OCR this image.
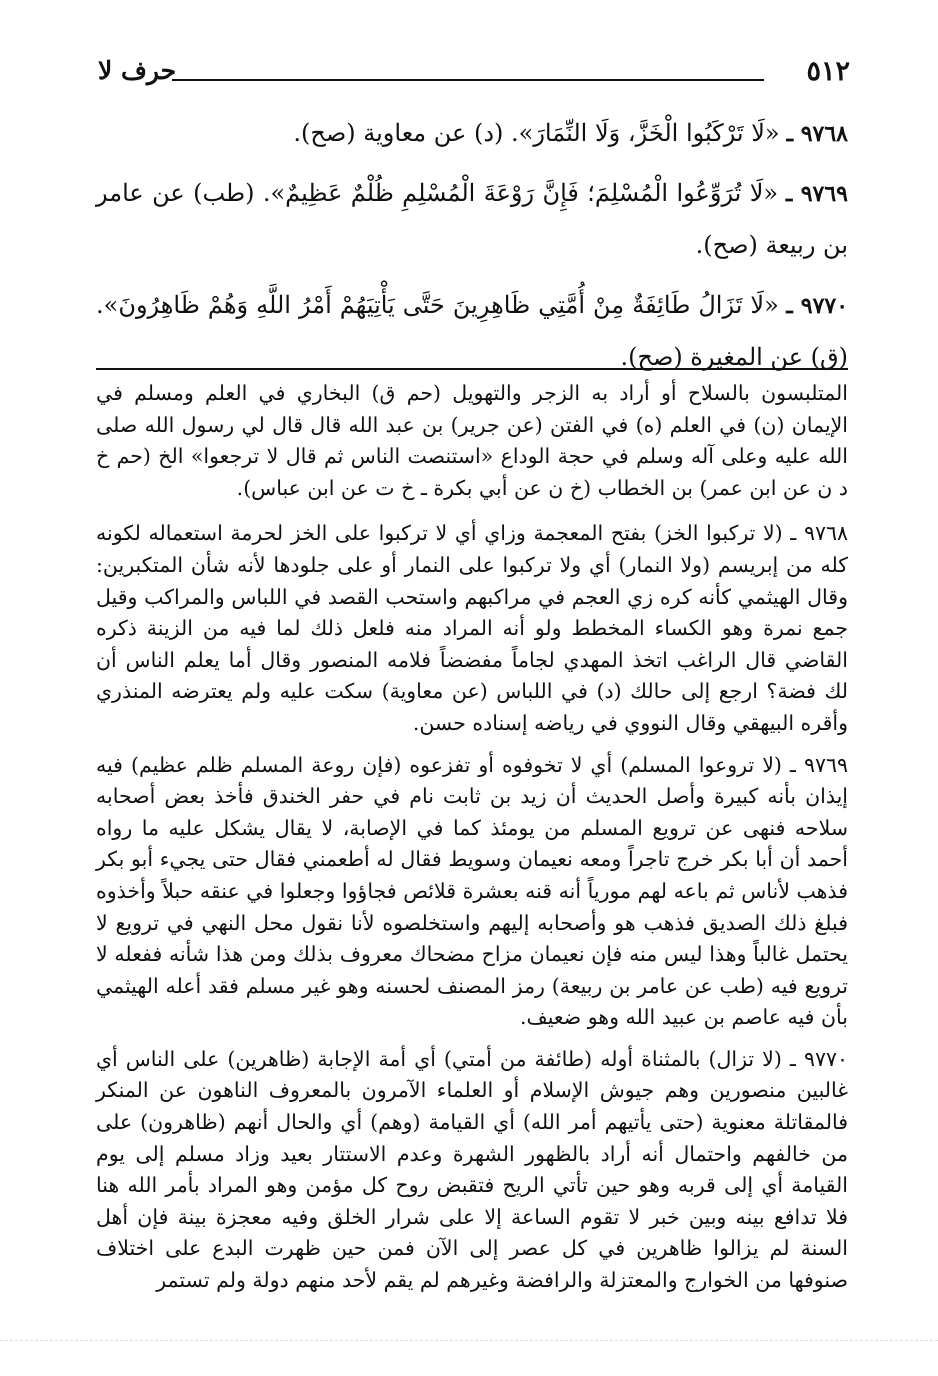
٥١٢
حرف لا

٩٧٦٨ ـ «لَا تَرْكَبُوا الْخَزَّ، وَلَا النِّمَارَ». (د) عن معاوية (صح).

٩٧٦٩ ـ «لَا تُرَوِّعُوا الْمُسْلِمَ؛ فَإِنَّ رَوْعَةَ الْمُسْلِمِ ظُلْمٌ عَظِيمٌ». (طب) عن عامر بن ربيعة (صح).

٩٧٧٠ ـ «لَا تَزَالُ طَائِفَةٌ مِنْ أُمَّتِي ظَاهِرِينَ حَتَّى يَأْتِيَهُمْ أَمْرُ اللَّهِ وَهُمْ ظَاهِرُونَ». (ق) عن المغيرة (صح).

المتلبسون بالسلاح أو أراد به الزجر والتهويل (حم ق) البخاري في العلم ومسلم في الإيمان (ن) في العلم (ه) في الفتن (عن جرير) بن عبد الله قال قال لي رسول الله صلى الله عليه وعلى آله وسلم في حجة الوداع «استنصت الناس ثم قال لا ترجعوا» الخ (حم خ د ن عن ابن عمر) بن الخطاب (خ ن عن أبي بكرة ـ خ ت عن ابن عباس).

٩٧٦٨ ـ (لا تركبوا الخز) بفتح المعجمة وزاي أي لا تركبوا على الخز لحرمة استعماله لكونه كله من إبريسم (ولا النمار) أي ولا تركبوا على النمار أو على جلودها لأنه شأن المتكبرين: وقال الهيثمي كأنه كره زي العجم في مراكبهم واستحب القصد في اللباس والمراكب وقيل جمع نمرة وهو الكساء المخطط ولو أنه المراد منه فلعل ذلك لما فيه من الزينة ذكره القاضي قال الراغب اتخذ المهدي لجاماً مفضضاً فلامه المنصور وقال أما يعلم الناس أن لك فضة؟ ارجع إلى حالك (د) في اللباس (عن معاوية) سكت عليه ولم يعترضه المنذري وأقره البيهقي وقال النووي في رياضه إسناده حسن.

٩٧٦٩ ـ (لا تروعوا المسلم) أي لا تخوفوه أو تفزعوه (فإن روعة المسلم ظلم عظيم) فيه إيذان بأنه كبيرة وأصل الحديث أن زيد بن ثابت نام في حفر الخندق فأخذ بعض أصحابه سلاحه فنهى عن ترويع المسلم من يومئذ كما في الإصابة، لا يقال يشكل عليه ما رواه أحمد أن أبا بكر خرج تاجراً ومعه نعيمان وسويط فقال له أطعمني فقال حتى يجيء أبو بكر فذهب لأناس ثم باعه لهم مورياً أنه قنه بعشرة قلائص فجاؤوا وجعلوا في عنقه حبلاً وأخذوه فبلغ ذلك الصديق فذهب هو وأصحابه إليهم واستخلصوه لأنا نقول محل النهي في ترويع لا يحتمل غالباً وهذا ليس منه فإن نعيمان مزاح مضحاك معروف بذلك ومن هذا شأنه ففعله لا ترويع فيه (طب عن عامر بن ربيعة) رمز المصنف لحسنه وهو غير مسلم فقد أعله الهيثمي بأن فيه عاصم بن عبيد الله وهو ضعيف.

٩٧٧٠ ـ (لا تزال) بالمثناة أوله (طائفة من أمتي) أي أمة الإجابة (ظاهرين) على الناس أي غالبين منصورين وهم جيوش الإسلام أو العلماء الآمرون بالمعروف الناهون عن المنكر فالمقاتلة معنوية (حتى يأتيهم أمر الله) أي القيامة (وهم) أي والحال أنهم (ظاهرون) على من خالفهم واحتمال أنه أراد بالظهور الشهرة وعدم الاستتار بعيد وزاد مسلم إلى يوم القيامة أي إلى قربه وهو حين تأتي الريح فتقبض روح كل مؤمن وهو المراد بأمر الله هنا فلا تدافع بينه وبين خبر لا تقوم الساعة إلا على شرار الخلق وفيه معجزة بينة فإن أهل السنة لم يزالوا ظاهرين في كل عصر إلى الآن فمن حين ظهرت البدع على اختلاف صنوفها من الخوارج والمعتزلة والرافضة وغيرهم لم يقم لأحد منهم دولة ولم تستمر
